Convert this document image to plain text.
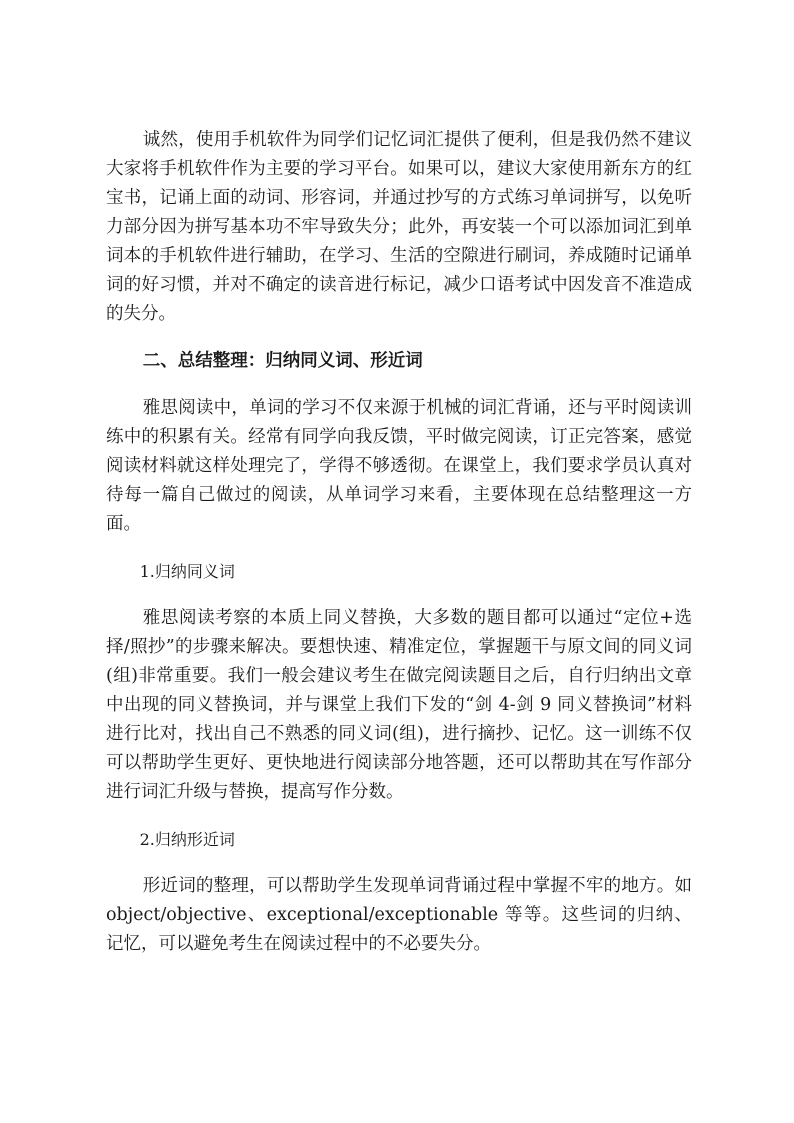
诚然，使用手机软件为同学们记忆词汇提供了便利，但是我仍然不建议大家将手机软件作为主要的学习平台。如果可以，建议大家使用新东方的红宝书，记诵上面的动词、形容词，并通过抄写的方式练习单词拼写，以免听力部分因为拼写基本功不牢导致失分；此外，再安装一个可以添加词汇到单词本的手机软件进行辅助，在学习、生活的空隙进行刷词，养成随时记诵单词的好习惯，并对不确定的读音进行标记，减少口语考试中因发音不准造成的失分。

二、总结整理：归纳同义词、形近词

雅思阅读中，单词的学习不仅来源于机械的词汇背诵，还与平时阅读训练中的积累有关。经常有同学向我反馈，平时做完阅读，订正完答案，感觉阅读材料就这样处理完了，学得不够透彻。在课堂上，我们要求学员认真对待每一篇自己做过的阅读，从单词学习来看，主要体现在总结整理这一方面。

1.归纳同义词

雅思阅读考察的本质上同义替换，大多数的题目都可以通过“定位+选择/照抄”的步骤来解决。要想快速、精准定位，掌握题干与原文间的同义词(组)非常重要。我们一般会建议考生在做完阅读题目之后，自行归纳出文章中出现的同义替换词，并与课堂上我们下发的“剑 4-剑 9 同义替换词”材料进行比对，找出自己不熟悉的同义词(组)，进行摘抄、记忆。这一训练不仅可以帮助学生更好、更快地进行阅读部分地答题，还可以帮助其在写作部分进行词汇升级与替换，提高写作分数。

2.归纳形近词

形近词的整理，可以帮助学生发现单词背诵过程中掌握不牢的地方。如 object/objective、exceptional/exceptionable 等等。这些词的归纳、记忆，可以避免考生在阅读过程中的不必要失分。
